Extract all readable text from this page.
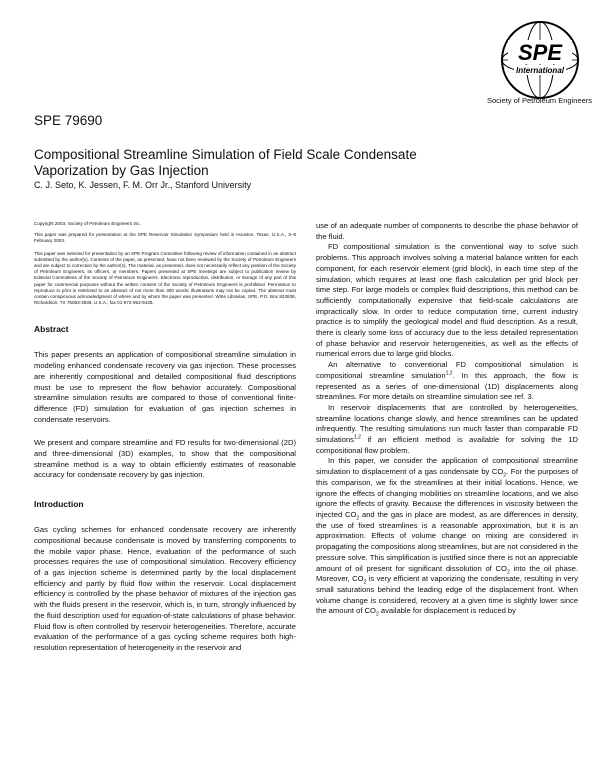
SPE
International
Society of Petroleum Engineers
SPE 79690
Compositional Streamline Simulation of Field Scale Condensate Vaporization by Gas Injection
C. J. Seto, K. Jessen, F. M. Orr Jr., Stanford University

Copyright 2003, Society of Petroleum Engineers Inc.

This paper was prepared for presentation at the SPE Reservoir Simulation Symposium held in Houston, Texas, U.S.A., 3–5 February 2003.

This paper was selected for presentation by an SPE Program Committee following review of information contained in an abstract submitted by the author(s). Contents of the paper, as presented, have not been reviewed by the Society of Petroleum Engineers and are subject to correction by the author(s). The material, as presented, does not necessarily reflect any position of the Society of Petroleum Engineers, its officers, or members. Papers presented at SPE meetings are subject to publication review by Editorial Committees of the Society of Petroleum Engineers. Electronic reproduction, distribution, or storage of any part of this paper for commercial purposes without the written consent of the Society of Petroleum Engineers is prohibited. Permission to reproduce in print is restricted to an abstract of not more than 300 words; illustrations may not be copied. The abstract must contain conspicuous acknowledgment of where and by whom the paper was presented. Write Librarian, SPE, P.O. Box 833836, Richardson, TX 75083-3836, U.S.A., fax 01-972-952-9435.

Abstract

This paper presents an application of compositional streamline simulation in modeling enhanced condensate recovery via gas injection. These processes are inherently compositional and detailed compositional fluid descriptions must be use to represent the flow behavior accurately. Compositional streamline simulation results are compared to those of conventional finite-difference (FD) simulation for evaluation of gas injection schemes in condensate reservoirs.

We present and compare streamline and FD results for two-dimensional (2D) and three-dimensional (3D) examples, to show that the compositional streamline method is a way to obtain efficiently estimates of reasonable accuracy for condensate recovery by gas injection.

Introduction

Gas cycling schemes for enhanced condensate recovery are inherently compositional because condensate is moved by transferring components to the mobile vapor phase. Hence, evaluation of the performance of such processes requires the use of compositional simulation. Recovery efficiency of a gas injection scheme is determined partly by the local displacement efficiency and partly by fluid flow within the reservoir. Local displacement efficiency is controlled by the phase behavior of mixtures of the injection gas with the fluids present in the reservoir, which is, in turn, strongly influenced by the fluid description used for equation-of-state calculations of phase behavior. Fluid flow is often controlled by reservoir heterogeneities. Therefore, accurate evaluation of the performance of a gas cycling scheme requires both high-resolution representation of heterogeneity in the reservoir and

use of an adequate number of components to describe the phase behavior of the fluid.

FD compositional simulation is the conventional way to solve such problems. This approach involves solving a material balance written for each component, for each reservoir element (grid block), in each time step of the simulation, which requires at least one flash calculation per grid block per time step. For large models or complex fluid descriptions, this method can be sufficiently computationally expensive that field-scale calculations are impractically slow. In order to reduce computation time, current industry practice is to simplify the geological model and fluid description. As a result, there is clearly some loss of accuracy due to the less detailed representation of phase behavior and reservoir heterogeneities, as well as the effects of numerical errors due to large grid blocks.

An alternative to conventional FD compositional simulation is compositional streamline simulation$^{1,2}$. In this approach, the flow is represented as a series of one-dimensional (1D) displacements along streamlines. For more details on streamline simulation see ref. 3.

In reservoir displacements that are controlled by heterogeneities, streamline locations change slowly, and hence streamlines can be updated infrequently. The resulting simulations run much faster than comparable FD simulations$^{1,2}$ if an efficient method is available for solving the 1D compositional flow problem.

In this paper, we consider the application of compositional streamline simulation to displacement of a gas condensate by $CO_2$. For the purposes of this comparison, we fix the streamlines at their initial locations. Hence, we ignore the effects of changing mobilities on streamline locations, and we also ignore the effects of gravity. Because the differences in viscosity between the injected $CO_2$ and the gas in place are modest, as are differences in density, the use of fixed streamlines is a reasonable approximation, but it is an approximation. Effects of volume change on mixing are considered in propagating the compositions along streamlines, but are not considered in the pressure solve. This simplification is justified since there is not an appreciable amount of oil present for significant dissolution of $CO_2$ into the oil phase. Moreover, $CO_2$ is very efficient at vaporizing the condensate, resulting in very small saturations behind the leading edge of the displacement front. When volume change is considered, recovery at a given time is slightly lower since the amount of $CO_2$ available for displacement is reduced by
